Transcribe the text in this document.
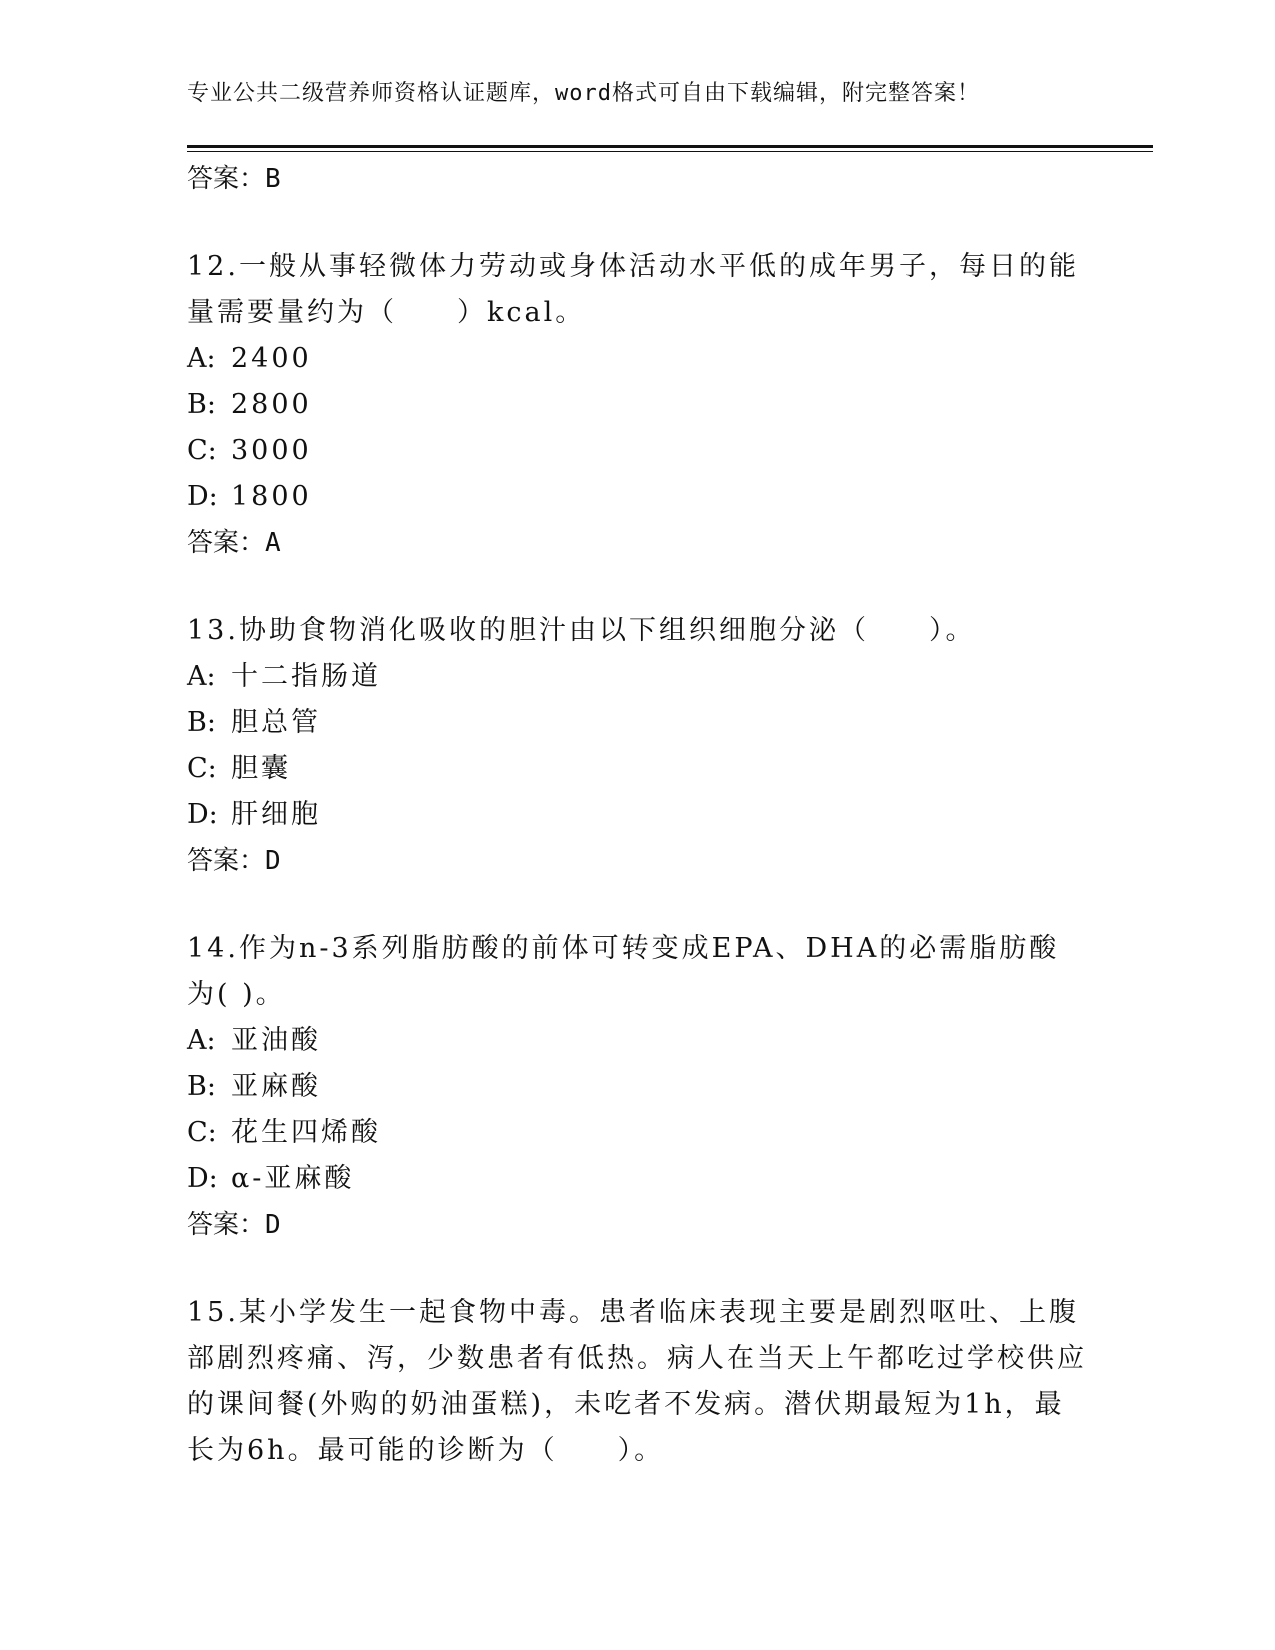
专业公共二级营养师资格认证题库，word格式可自由下载编辑，附完整答案！
答案：B
12.一般从事轻微体力劳动或身体活动水平低的成年男子，每日的能量需要量约为（　　）kcal。
A: 2400
B: 2800
C: 3000
D: 1800
答案：A
13.协助食物消化吸收的胆汁由以下组织细胞分泌（　　）。
A: 十二指肠道
B: 胆总管
C: 胆囊
D: 肝细胞
答案：D
14.作为n-3系列脂肪酸的前体可转变成EPA、DHA的必需脂肪酸为( )。
A: 亚油酸
B: 亚麻酸
C: 花生四烯酸
D: α-亚麻酸
答案：D
15.某小学发生一起食物中毒。患者临床表现主要是剧烈呕吐、上腹部剧烈疼痛、泻，少数患者有低热。病人在当天上午都吃过学校供应的课间餐(外购的奶油蛋糕)，未吃者不发病。潜伏期最短为1h，最长为6h。最可能的诊断为（　　）。
